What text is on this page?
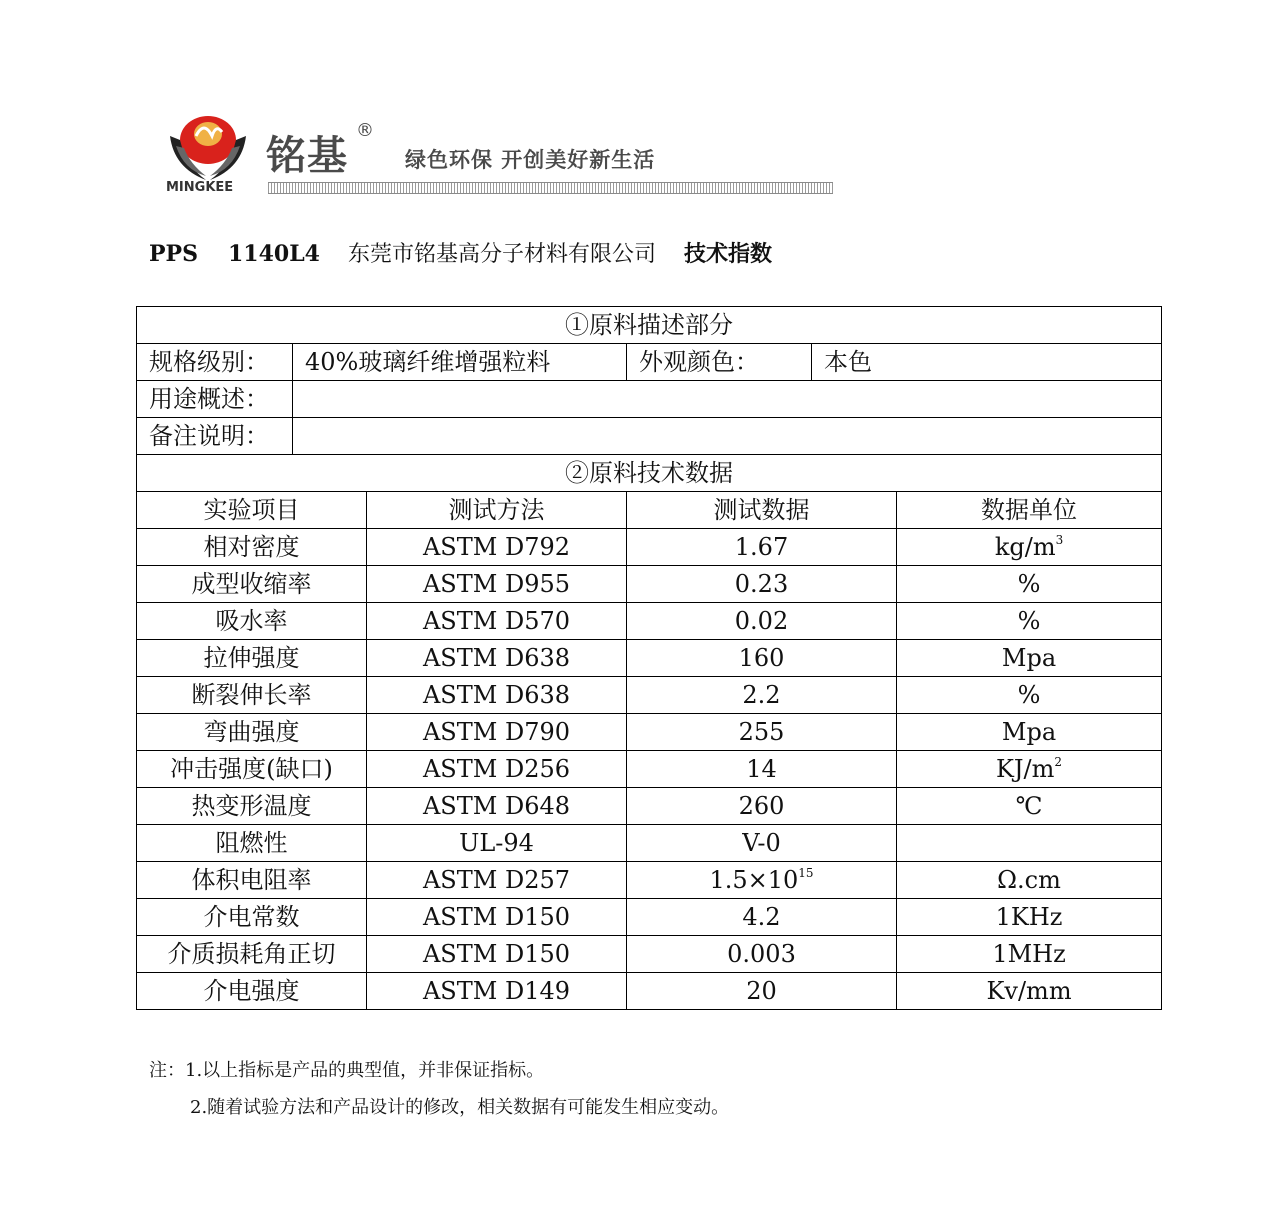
MINGKEE
铭基
®
绿色环保 开创美好新生活
PPS 1140L4 东莞市铭基高分子材料有限公司 技术指数
①原料描述部分					
规格级别：	40%玻璃纤维增强粒料		外观颜色：	本色	
用途概述：					
备注说明：					
②原料技术数据					
实验项目		测试方法	测试数据		数据单位
相对密度		ASTM D792	1.67		$kg/m^3$
成型收缩率		ASTM D955	0.23		%
吸水率		ASTM D570	0.02		%
拉伸强度		ASTM D638	160		Mpa
断裂伸长率		ASTM D638	2.2		%
弯曲强度		ASTM D790	255		Mpa
冲击强度(缺口)		ASTM D256	14		$KJ/m^2$
热变形温度		ASTM D648	260		℃
阻燃性		UL-94	V-0		
体积电阻率		ASTM D257	$1.5\times 10^{15}$		Ω.cm
介电常数		ASTM D150	4.2		1KHz
介质损耗角正切		ASTM D150	0.003		1MHz
介电强度		ASTM D149	20		Kv/mm
注：1.以上指标是产品的典型值，并非保证指标。
2.随着试验方法和产品设计的修改，相关数据有可能发生相应变动。
